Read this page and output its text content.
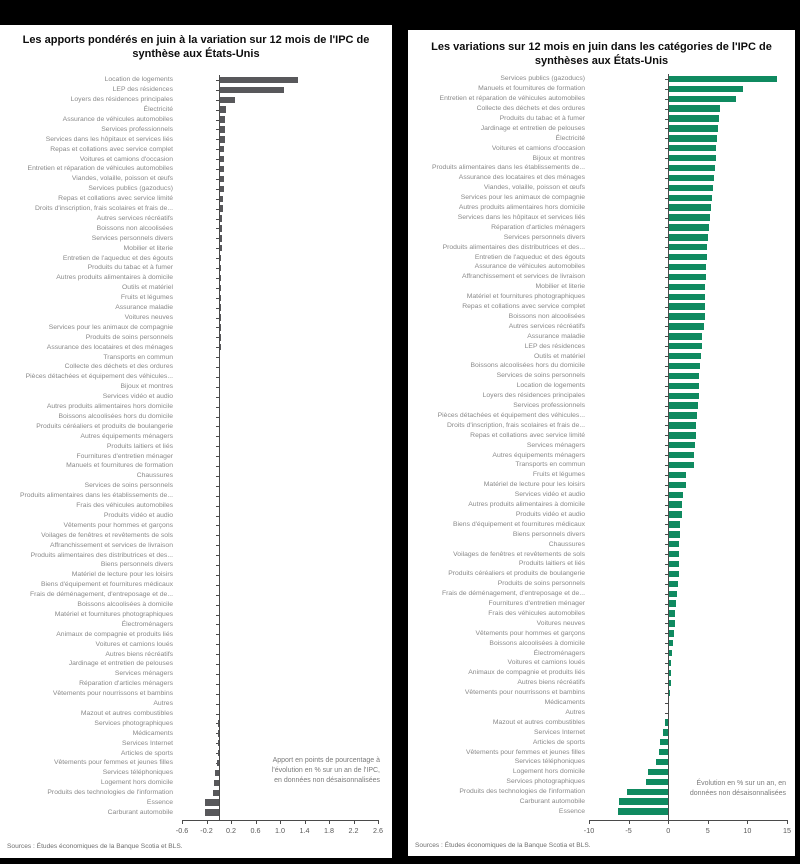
Les apports pondérés en juin à la variation sur 12 mois de l'IPC de synthèse aux États-Unis
Apport en points de pourcentage à l'évolution en % sur un an de l'IPC, en données non désaisonnalisées
Sources : Études économiques de la Banque Scotia et BLS.
Location de logements
LEP des résidences
Loyers des résidences principales
Électricité
Assurance de véhicules automobiles
Services professionnels
Services dans les hôpitaux et services liés
Repas et collations avec service complet
Voitures et camions d'occasion
Entretien et réparation de véhicules automobiles
Viandes, volaille, poisson et œufs
Services publics (gazoducs)
Repas et collations avec service limité
Droits d'inscription, frais scolaires et frais de...
Autres services récréatifs
Boissons non alcoolisées
Services personnels divers
Mobilier et literie
Entretien de l'aqueduc et des égouts
Produits du tabac et à fumer
Autres produits alimentaires à domicile
Outils et matériel
Fruits et légumes
Assurance maladie
Voitures neuves
Services pour les animaux de compagnie
Produits de soins personnels
Assurance des locataires et des ménages
Transports en commun
Collecte des déchets et des ordures
Pièces détachées et équipement des véhicules...
Bijoux et montres
Services vidéo et audio
Autres produits alimentaires hors domicile
Boissons alcoolisées hors du domicile
Produits céréaliers et produits de boulangerie
Autres équipements ménagers
Produits laitiers et liés
Fournitures d'entretien ménager
Manuels et fournitures de formation
Chaussures
Services de soins personnels
Produits alimentaires dans les établissements de...
Frais des véhicules automobiles
Produits vidéo et audio
Vêtements pour hommes et garçons
Voilages de fenêtres et revêtements de sols
Affranchissement et services de livraison
Produits alimentaires des distributrices et des...
Biens personnels divers
Matériel de lecture pour les loisirs
Biens d'équipement et fournitures médicaux
Frais de déménagement, d'entreposage et de...
Boissons alcoolisées à domicile
Matériel et fournitures photographiques
Électroménagers
Animaux de compagnie et produits liés
Voitures et camions loués
Autres biens récréatifs
Jardinage et entretien de pelouses
Services ménagers
Réparation d'articles ménagers
Vêtements pour nourrissons et bambins
Autres
Mazout et autres combustibles
Services photographiques
Médicaments
Services Internet
Articles de sports
Vêtements pour femmes et jeunes filles
Services téléphoniques
Logement hors domicile
Produits des technologies de l'information
Essence
Carburant automobile
-0.6 -0.2 0.2 0.6 1.0 1.4 1.8 2.2 2.6
Les variations sur 12 mois en juin dans les catégories de l'IPC de synthèses aux États-Unis
Évolution en % sur un an, en données non désaisonnalisées
Sources : Études économiques de la Banque Scotia et BLS.
Services publics (gazoducs)
Manuels et fournitures de formation
Entretien et réparation de véhicules automobiles
Collecte des déchets et des ordures
Produits du tabac et à fumer
Jardinage et entretien de pelouses
Électricité
Voitures et camions d'occasion
Bijoux et montres
Produits alimentaires dans les établissements de...
Assurance des locataires et des ménages
Viandes, volaille, poisson et œufs
Services pour les animaux de compagnie
Autres produits alimentaires hors domicile
Services dans les hôpitaux et services liés
Réparation d'articles ménagers
Services personnels divers
Produits alimentaires des distributrices et des...
Entretien de l'aqueduc et des égouts
Assurance de véhicules automobiles
Affranchissement et services de livraison
Mobilier et literie
Matériel et fournitures photographiques
Repas et collations avec service complet
Boissons non alcoolisées
Autres services récréatifs
Assurance maladie
LEP des résidences
Outils et matériel
Boissons alcoolisées hors du domicile
Services de soins personnels
Location de logements
Loyers des résidences principales
Services professionnels
Pièces détachées et équipement des véhicules...
Droits d'inscription, frais scolaires et frais de...
Repas et collations avec service limité
Services ménagers
Autres équipements ménagers
Transports en commun
Fruits et légumes
Matériel de lecture pour les loisirs
Services vidéo et audio
Autres produits alimentaires à domicile
Produits vidéo et audio
Biens d'équipement et fournitures médicaux
Biens personnels divers
Chaussures
Voilages de fenêtres et revêtements de sols
Produits laitiers et liés
Produits céréaliers et produits de boulangerie
Produits de soins personnels
Frais de déménagement, d'entreposage et de...
Fournitures d'entretien ménager
Frais des véhicules automobiles
Voitures neuves
Vêtements pour hommes et garçons
Boissons alcoolisées à domicile
Électroménagers
Voitures et camions loués
Animaux de compagnie et produits liés
Autres biens récréatifs
Vêtements pour nourrissons et bambins
Médicaments
Autres
Mazout et autres combustibles
Services Internet
Articles de sports
Vêtements pour femmes et jeunes filles
Services téléphoniques
Logement hors domicile
Services photographiques
Produits des technologies de l'information
Carburant automobile
Essence
-10	-5	0	5	10	15
